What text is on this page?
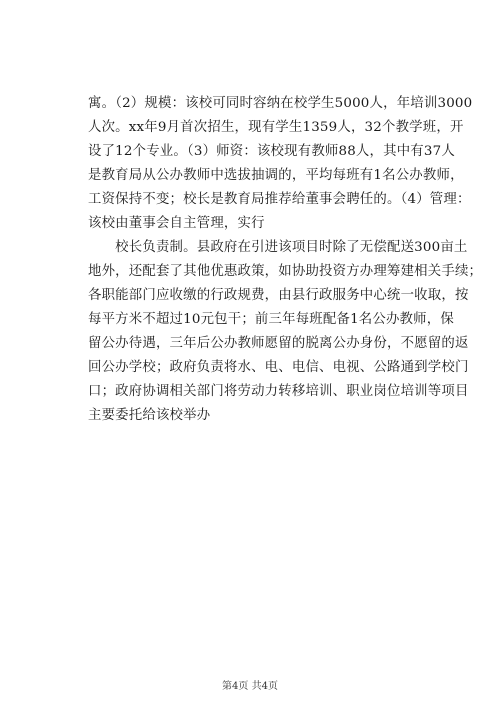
寓。（2）规模：该校可同时容纳在校学生5000人，年培训3000
人次。xx年9月首次招生，现有学生1359人，32个教学班，开
设了12个专业。（3）师资：该校现有教师88人，其中有37人
是教育局从公办教师中选拔抽调的，平均每班有1名公办教师，
工资保持不变；校长是教育局推荐给董事会聘任的。（4）管理：
该校由董事会自主管理，实行
　　校长负责制。县政府在引进该项目时除了无偿配送300亩土
地外，还配套了其他优惠政策，如协助投资方办理筹建相关手续；
各职能部门应收缴的行政规费，由县行政服务中心统一收取，按
每平方米不超过10元包干；前三年每班配备1名公办教师，保
留公办待遇，三年后公办教师愿留的脱离公办身份，不愿留的返
回公办学校；政府负责将水、电、电信、电视、公路通到学校门
口；政府协调相关部门将劳动力转移培训、职业岗位培训等项目
主要委托给该校举办
第4页 共4页
